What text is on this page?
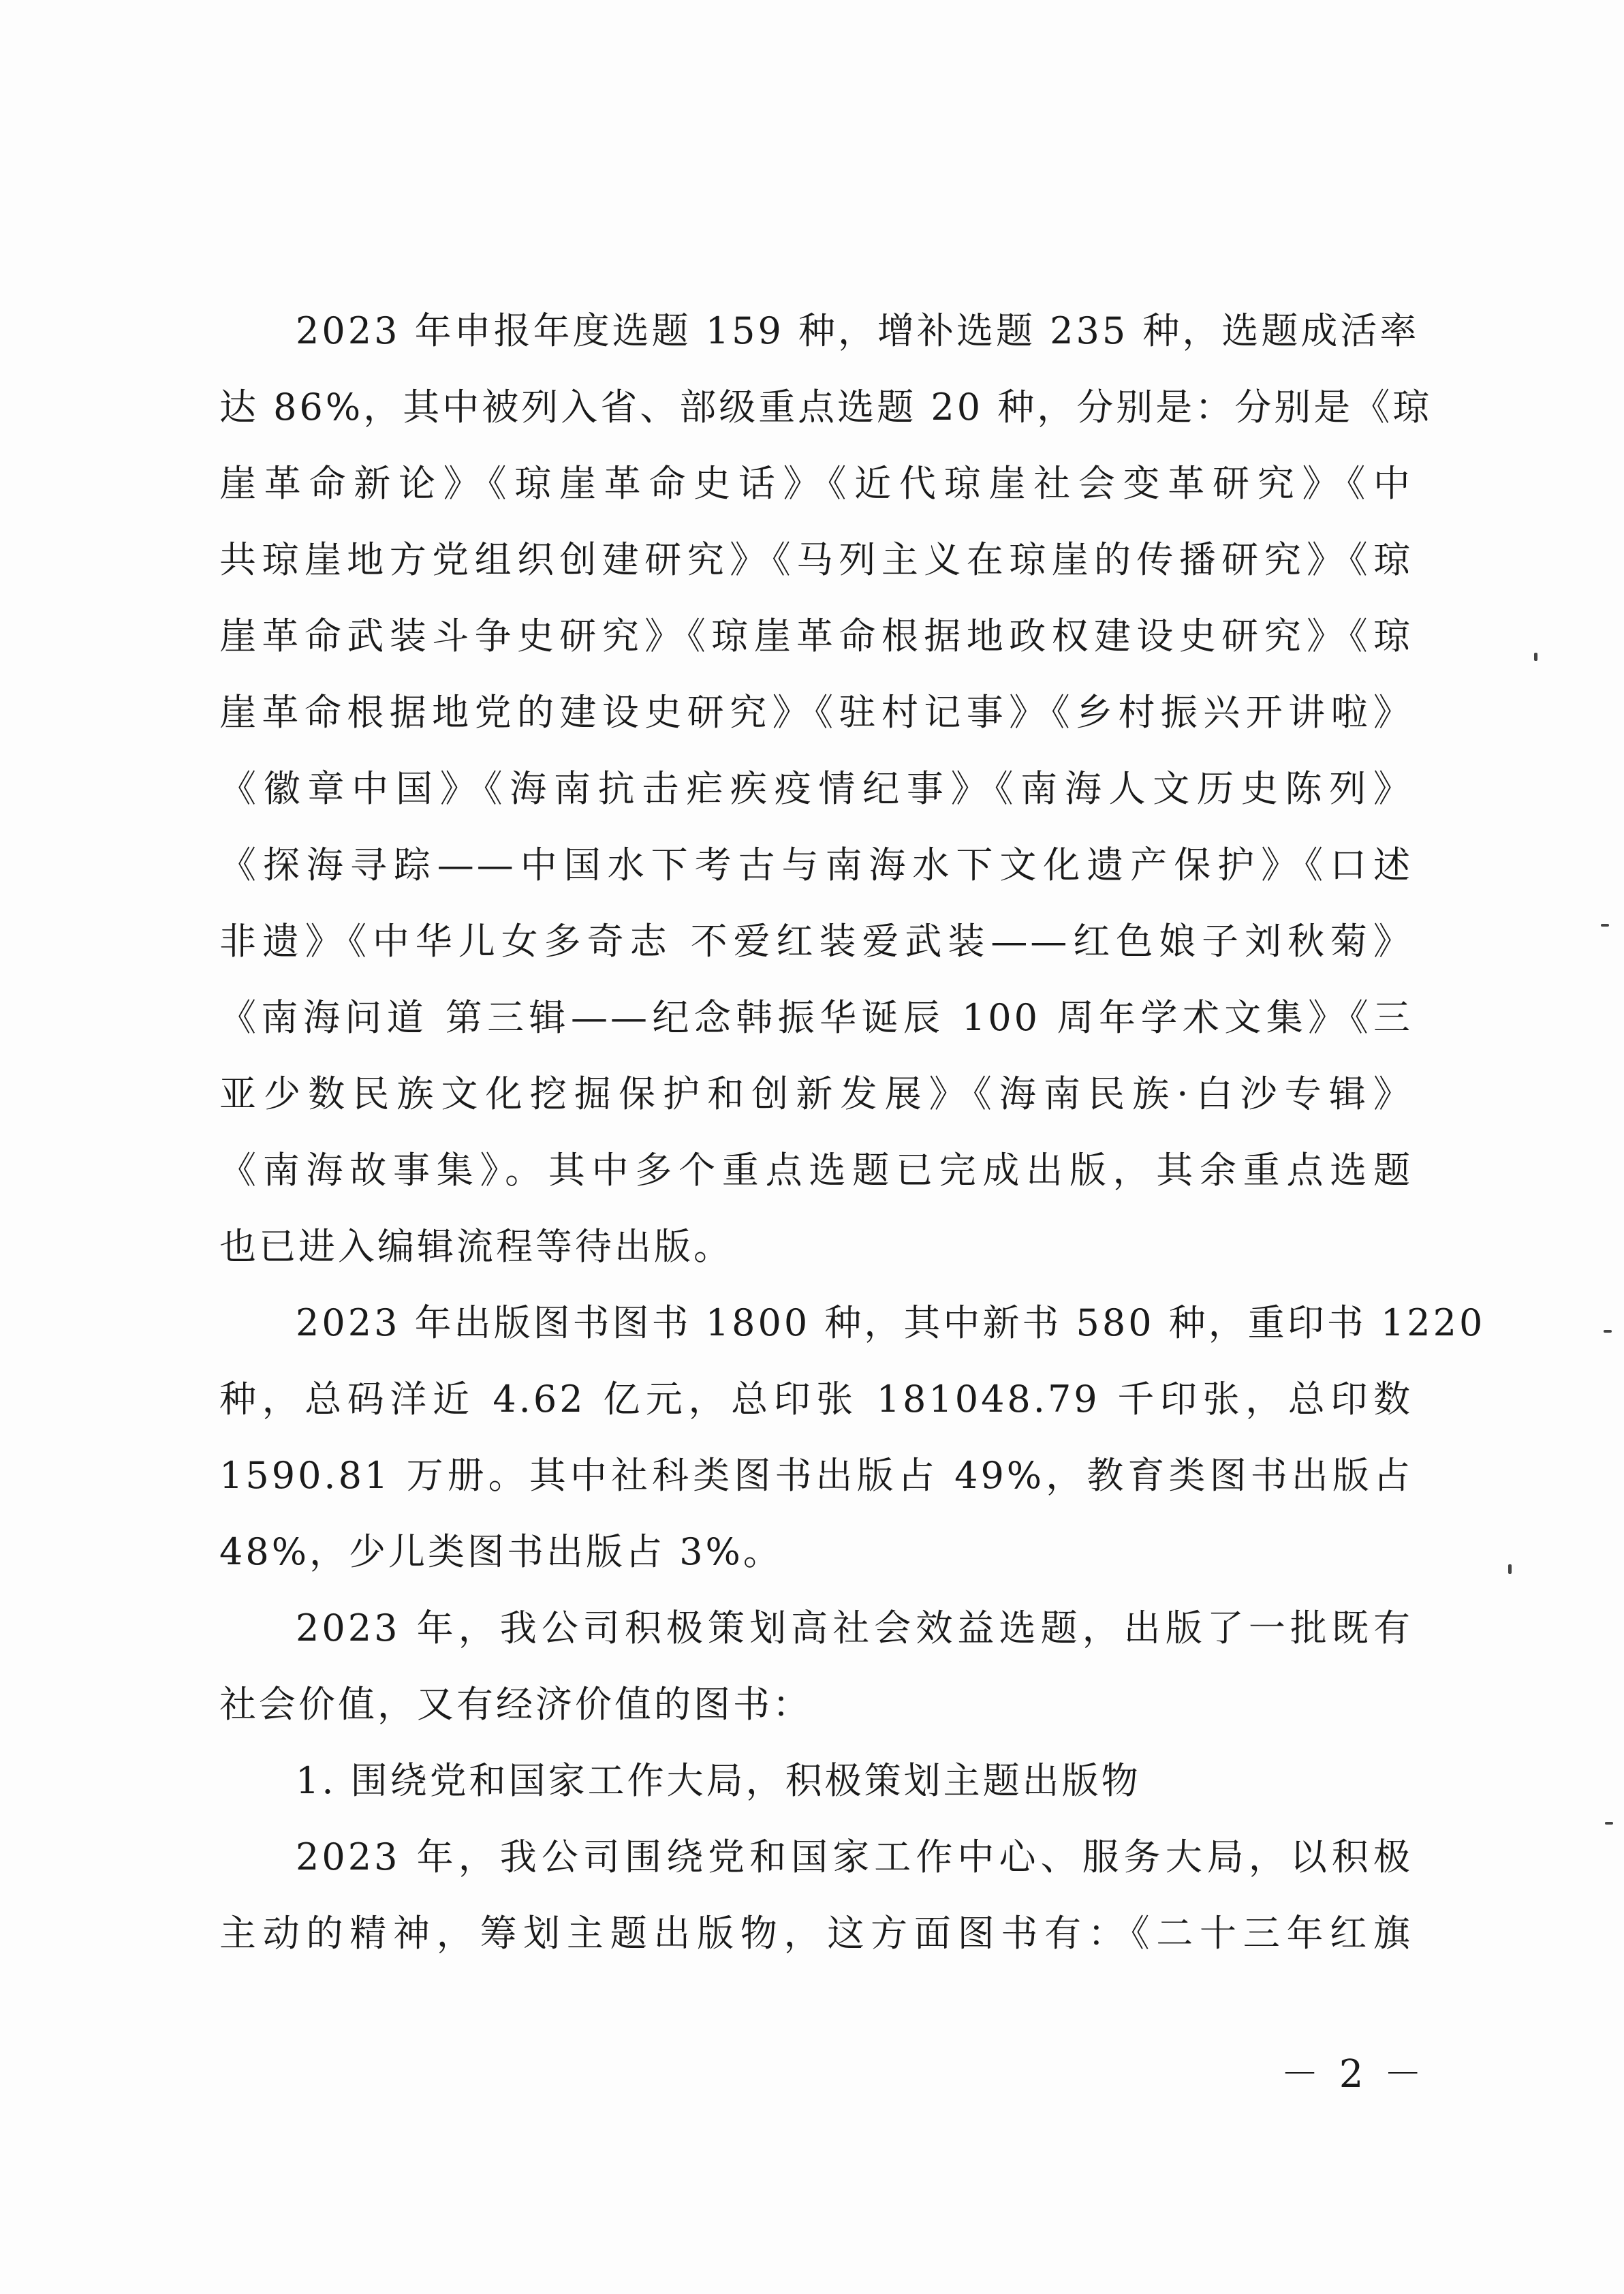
2023 年申报年度选题 159 种，增补选题 235 种，选题成活率
达 86%，其中被列入省、部级重点选题 20 种，分别是：分别是《琼
崖革命新论》《琼崖革命史话》《近代琼崖社会变革研究》《中
共琼崖地方党组织创建研究》《马列主义在琼崖的传播研究》《琼
崖革命武装斗争史研究》《琼崖革命根据地政权建设史研究》《琼
崖革命根据地党的建设史研究》《驻村记事》《乡村振兴开讲啦》
《徽章中国》《海南抗击疟疾疫情纪事》《南海人文历史陈列》
《探海寻踪——中国水下考古与南海水下文化遗产保护》《口述
非遗》《中华儿女多奇志 不爱红装爱武装——红色娘子刘秋菊》
《南海问道 第三辑——纪念韩振华诞辰 100 周年学术文集》《三
亚少数民族文化挖掘保护和创新发展》《海南民族·白沙专辑》
《南海故事集》。其中多个重点选题已完成出版，其余重点选题
也已进入编辑流程等待出版。
2023 年出版图书图书 1800 种，其中新书 580 种，重印书 1220
种，总码洋近 4.62 亿元，总印张 181048.79 千印张，总印数
1590.81 万册。其中社科类图书出版占 49%，教育类图书出版占
48%，少儿类图书出版占 3%。
2023 年，我公司积极策划高社会效益选题，出版了一批既有
社会价值，又有经济价值的图书：
1. 围绕党和国家工作大局，积极策划主题出版物
2023 年，我公司围绕党和国家工作中心、服务大局，以积极
主动的精神，筹划主题出版物，这方面图书有：《二十三年红旗
－ 2 －
